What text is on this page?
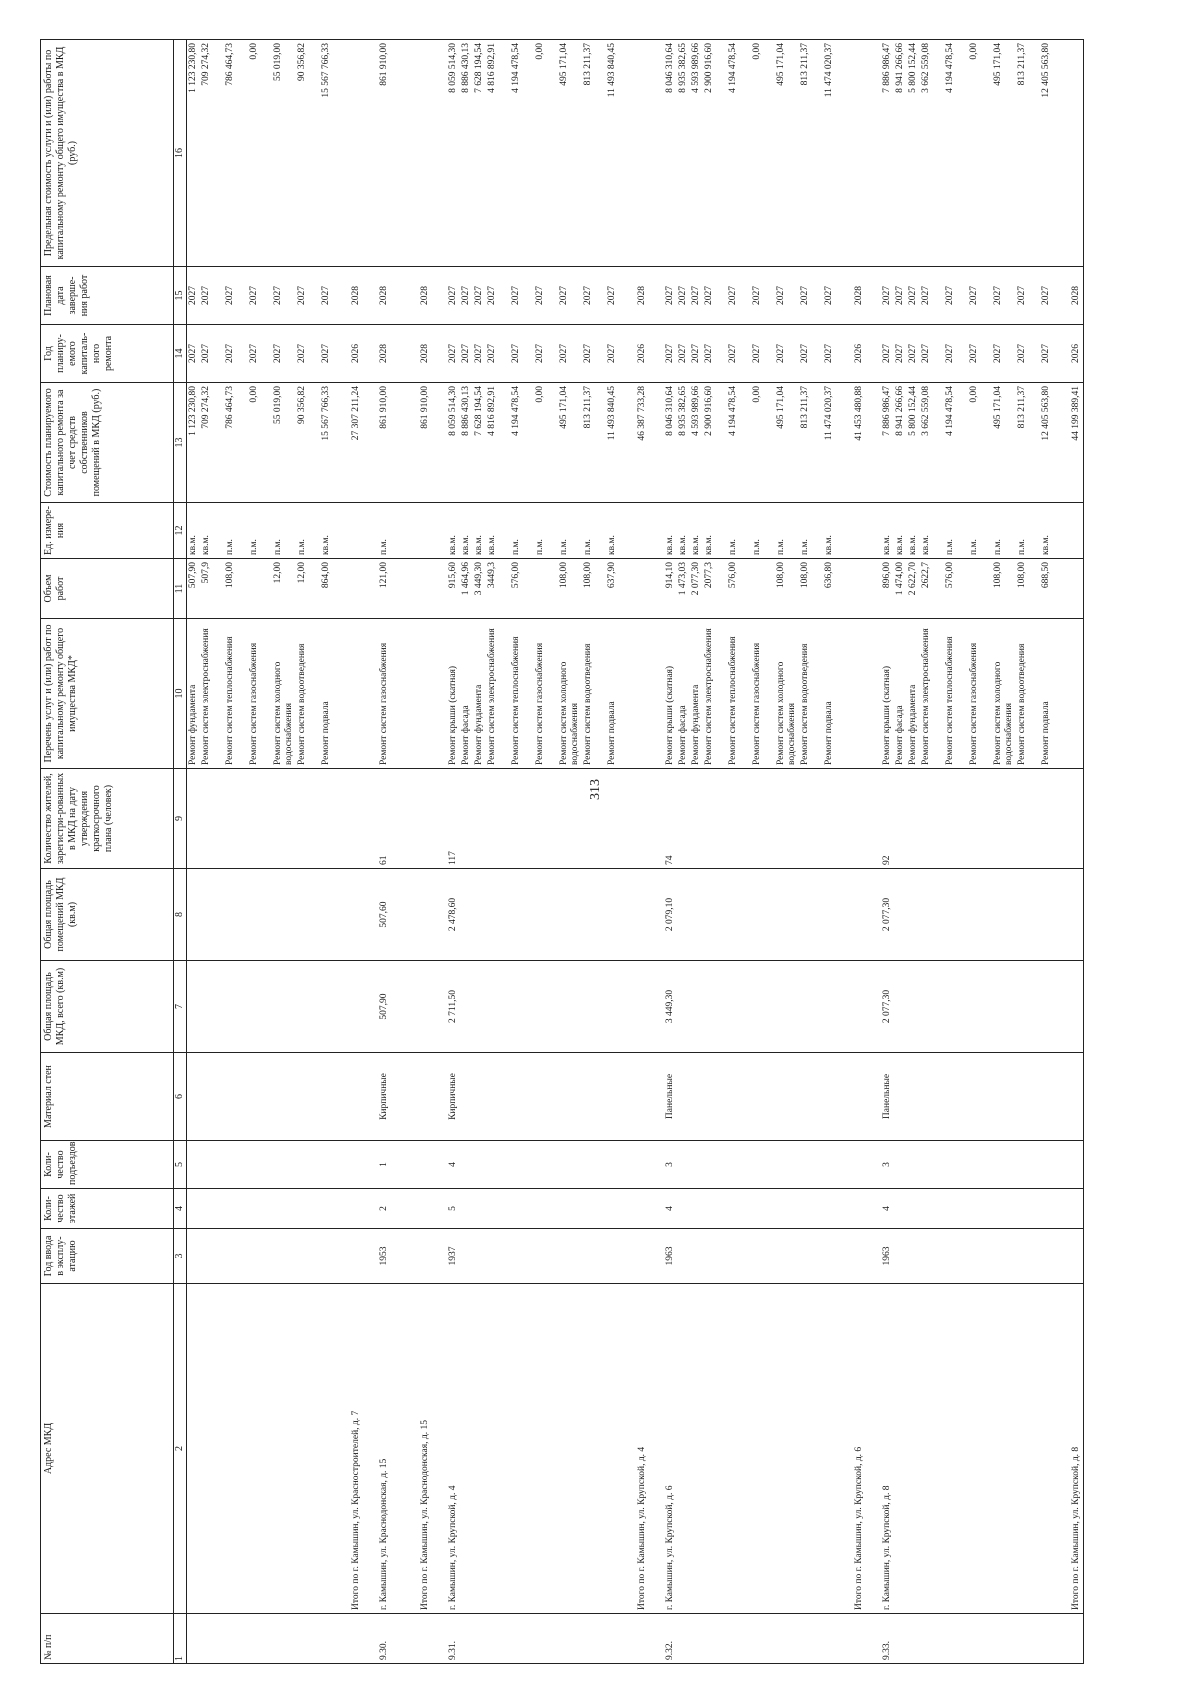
313
№ п/п	Адрес МКД	Год ввода в эксплу-атацию	Коли-чество этажей	Коли-чество подъездов	Материал стен	Общая площадь МКД, всего (кв.м)	Общая площадь помещений МКД (кв.м)	Количество жителей, зарегистри-рованных в МКД на дату утверждения краткосрочного плана (человек)	Перечень услуг и (или) работ по капитальному ремонту общего имущества МКД*	Объем работ	Ед. измере-ния	Стоимость планируемого капитального ремонта за счет средств собственников помещений в МКД (руб.)	Год планиру-емого капиталь-ного ремонта	Плановая дата заверше-ния работ	Предельная стоимость услуги и (или) работы по капитальному ремонту общего имущества в МКД (руб.)
1	2	3	4	5	6	7	8	9	10	11	12	13	14	15	16

									Ремонт фундамента	507,90	кв.м.	1 123 230,80	2027	2027	1 123 230,80

									Ремонт систем электроснабжения	507,9	кв.м.	709 274,32	2027	2027	709 274,32

									Ремонт систем теплоснабжения	108,00	п.м.	786 464,73	2027	2027	786 464,73

									Ремонт систем газоснабжения		п.м.	0,00	2027	2027	0,00

									Ремонт систем холодного водоснабжения	12,00	п.м.	55 019,00	2027	2027	55 019,00

									Ремонт систем водоотведения	12,00	п.м.	90 356,82	2027	2027	90 356,82

									Ремонт подвала	864,00	кв.м.	15 567 766,33	2027	2027	15 567 766,33

	Итого по г. Камышин, ул. Краснострoителей, д. 7											27 307 211,24	2026	2028	

9.30.	г. Камышин, ул. Краснодонская, д. 15	1953	2	1	Кирпичные	507,90	507,60	61	Ремонт систем газоснабжения	121,00	п.м.	861 910,00	2028	2028	861 910,00

	Итого по г. Камышин, ул. Краснодонская, д. 15											861 910,00	2028	2028	

9.31.	г. Камышин, ул. Крупской, д. 4	1937	5	4	Кирпичные	2 711,50	2 478,60	117	Ремонт крыши (скатная)	915,60	кв.м.	8 059 514,30	2027	2027	8 059 514,30

									Ремонт фасада	1 464,96	кв.м.	8 886 430,13	2027	2027	8 886 430,13

									Ремонт фундамента	3 449,30	кв.м.	7 628 194,54	2027	2027	7 628 194,54

									Ремонт систем электроснабжения	3449,3	кв.м.	4 816 892,91	2027	2027	4 816 892,91

									Ремонт систем теплоснабжения	576,00	п.м.	4 194 478,54	2027	2027	4 194 478,54

									Ремонт систем газоснабжения		п.м.	0,00	2027	2027	0,00

									Ремонт систем холодного водоснабжения	108,00	п.м.	495 171,04	2027	2027	495 171,04

									Ремонт систем водоотведения	108,00	п.м.	813 211,37	2027	2027	813 211,37

									Ремонт подвала	637,90	кв.м.	11 493 840,45	2027	2027	11 493 840,45

	Итого по г. Камышин, ул. Крупской, д. 4											46 387 733,28	2026	2028	

9.32.	г. Камышин, ул. Крупской, д. 6	1963	4	3	Панельные	3 449,30	2 079,10	74	Ремонт крыши (скатная)	914,10	кв.м.	8 046 310,64	2027	2027	8 046 310,64

									Ремонт фасада	1 473,03	кв.м.	8 935 382,65	2027	2027	8 935 382,65

									Ремонт фундамента	2 077,30	кв.м.	4 593 989,66	2027	2027	4 593 989,66

									Ремонт систем электроснабжения	2077,3	кв.м.	2 900 916,60	2027	2027	2 900 916,60

									Ремонт систем теплоснабжения	576,00	п.м.	4 194 478,54	2027	2027	4 194 478,54

									Ремонт систем газоснабжения		п.м.	0,00	2027	2027	0,00

									Ремонт систем холодного водоснабжения	108,00	п.м.	495 171,04	2027	2027	495 171,04

									Ремонт систем водоотведения	108,00	п.м.	813 211,37	2027	2027	813 211,37

									Ремонт подвала	636,80	кв.м.	11 474 020,37	2027	2027	11 474 020,37

	Итого по г. Камышин, ул. Крупской, д. 6											41 453 480,88	2026	2028	

9.33.	г. Камышин, ул. Крупской, д. 8	1963	4	3	Панельные	2 077,30	2 077,30	92	Ремонт крыши (скатная)	896,00	кв.м.	7 886 986,47	2027	2027	7 886 986,47

									Ремонт фасада	1 474,00	кв.м.	8 941 266,66	2027	2027	8 941 266,66

									Ремонт фундамента	2 622,70	кв.м.	5 800 152,44	2027	2027	5 800 152,44

									Ремонт систем электроснабжения	2622,7	кв.м.	3 662 559,08	2027	2027	3 662 559,08

									Ремонт систем теплоснабжения	576,00	п.м.	4 194 478,54	2027	2027	4 194 478,54

									Ремонт систем газоснабжения		п.м.	0,00	2027	2027	0,00

									Ремонт систем холодного водоснабжения	108,00	п.м.	495 171,04	2027	2027	495 171,04

									Ремонт систем водоотведения	108,00	п.м.	813 211,37	2027	2027	813 211,37

									Ремонт подвала	688,50	кв.м.	12 405 563,80	2027	2027	12 405 563,80

	Итого по г. Камышин, ул. Крупской, д. 8											44 199 389,41	2026	2028	
